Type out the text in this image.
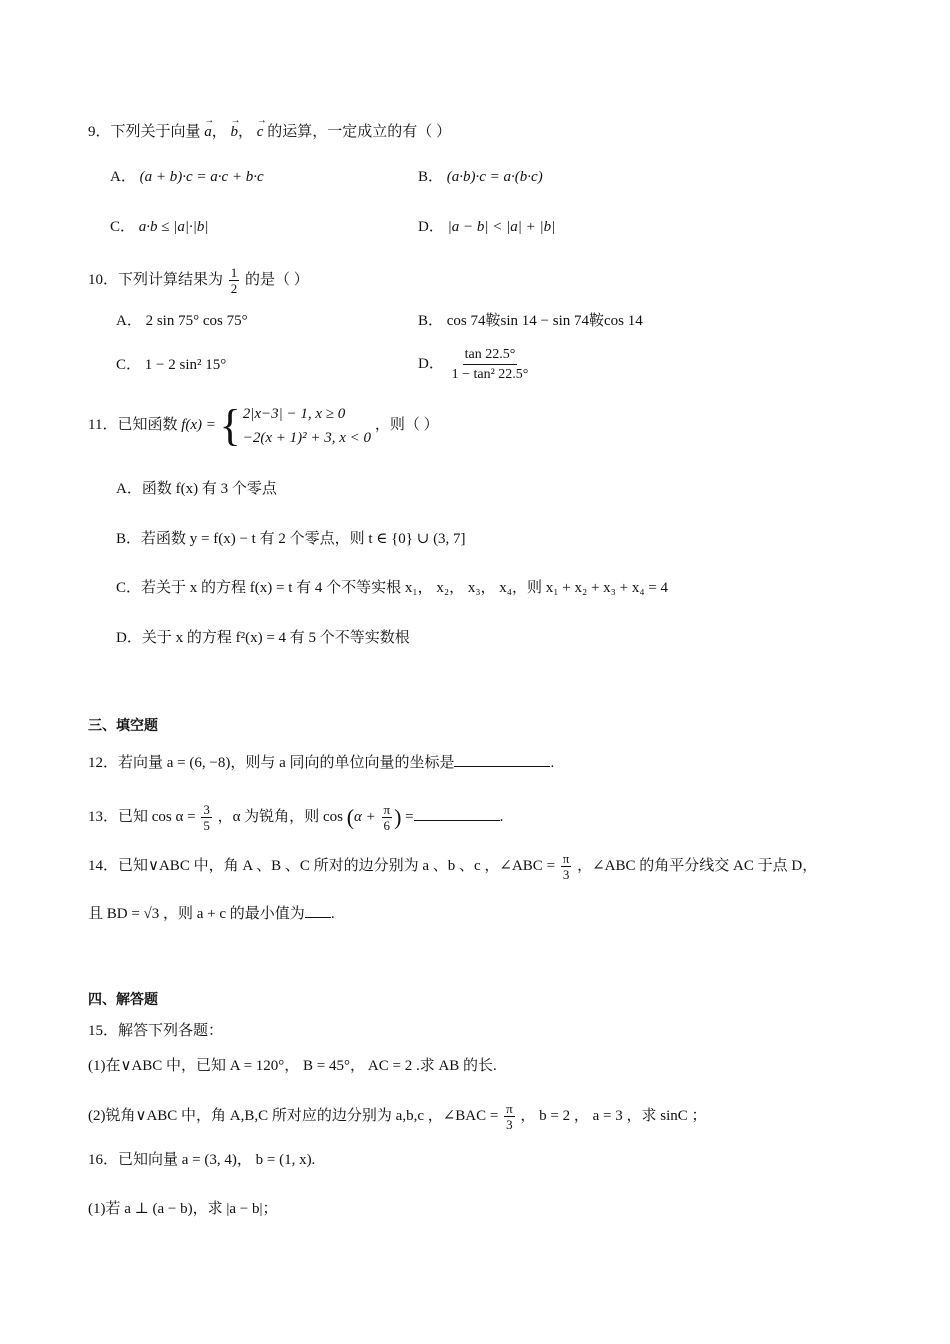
9．下列关于向量 → a， → b， → c 的运算，一定成立的有（ ）
A． (a + b)·c = a·c + b·c	B． (a·b)·c = a·(b·c)
C． a·b ≤ |a|·|b|	D． |a − b| < |a| + |b|
10．下列计算结果为 $\frac{1}{2}$ 的是（ ）
A． 2 sin 75° cos 75°	B． cos 74鞍sin 14 − sin 74鞍cos 14
C． 1 − 2 sin² 15°	D． $\frac{\tan 22.5^\circ}{\text{1 − tan² 22.5°}}$
11．已知函数 f(x) = { 2|x−3| − 1, x ≥ 0
−2(x + 1)² + 3, x < 0
，则（ ）
A．函数 f(x) 有 3 个零点
B．若函数 y = f(x) − t 有 2 个零点，则 t ∈ {0} ∪ (3, 7]
C．若关于 x 的方程 f(x) = t 有 4 个不等实根 x₁， x₂， x₃， x₄，则 x₁ + x₂ + x₃ + x₄ = 4
D．关于 x 的方程 f²(x) = 4 有 5 个不等实数根
三、填空题
12．若向量 a = (6, −8)，则与 a 同向的单位向量的坐标是	.
13．已知 $\cos \alpha = \frac{3}{5}$ ，α 为锐角，则 $\cos (\alpha + \frac{\pi}{6}$ ) =	.
14．已知∨ABC 中，角 A 、B 、C 所对的边分别为 a 、b 、c ，∠ABC = $\frac{\pi}{3}$ ，∠ABC 的角平分线交 AC 于点 D，
且 BD = √3 ，则 a + c 的最小值为 .
四、解答题
15．解答下列各题：
(1)在∨ABC 中，已知 A = 120°， B = 45°， AC = 2 .求 AB 的长.
(2)锐角∨ABC 中，角 A,B,C 所对应的边分别为 a,b,c ，∠BAC = $\frac{\pi}{3}$ ， b = 2 ， a = 3 ，求 sinC ；
16．已知向量 a = (3, 4)， b = (1, x).
(1)若 a ⊥ (a − b)，求 |a − b|；
